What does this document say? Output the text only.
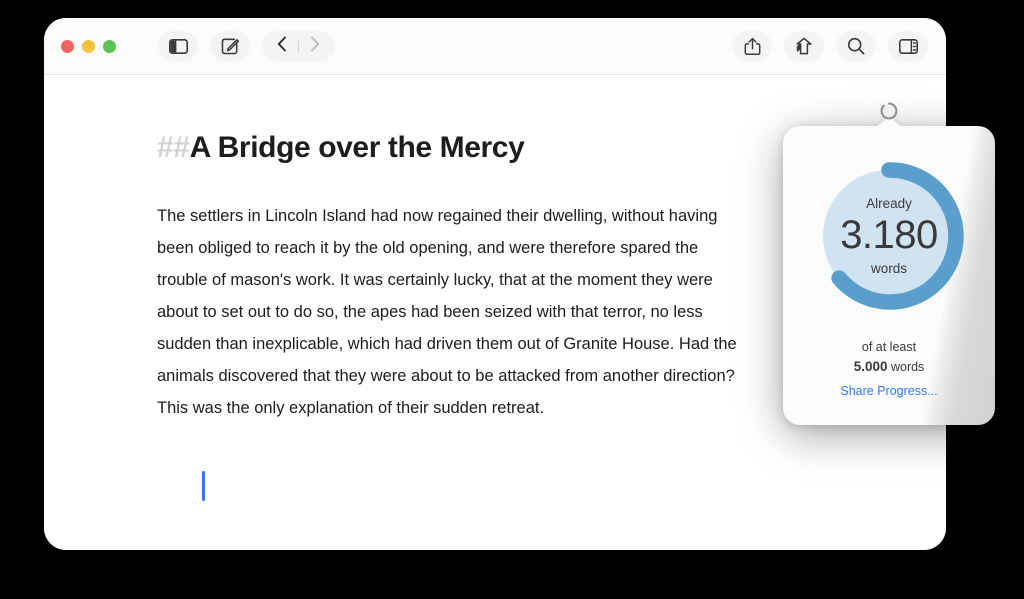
##A Bridge over the Mercy

The settlers in Lincoln Island had now regained their dwelling, without having been obliged to reach it by the old opening, and were therefore spared the trouble of mason's work. It was certainly lucky, that at the moment they were about to set out to do so, the apes had been seized with that terror, no less sudden than inexplicable, which had driven them out of Granite House. Had the animals discovered that they were about to be attacked from another direction? This was the only explanation of their sudden retreat.

Already
3.180
words
of at least
5.000 words
Share Progress...
